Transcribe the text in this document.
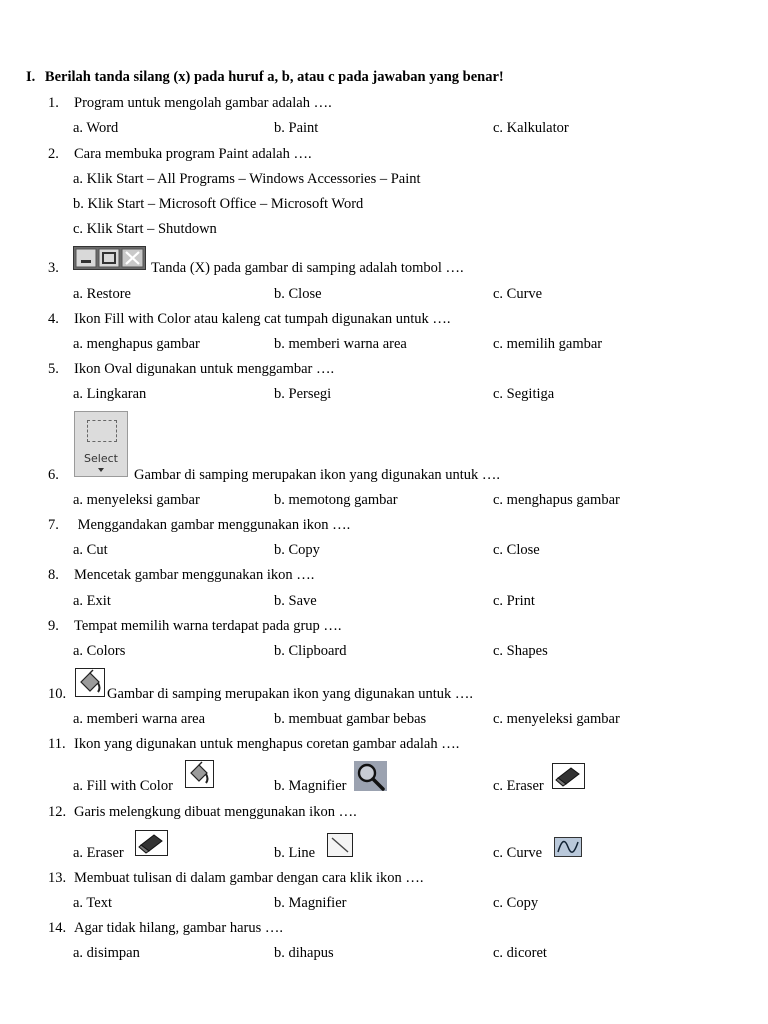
I. Berilah tanda silang (x) pada huruf a, b, atau c pada jawaban yang benar!
1. Program untuk mengolah gambar adalah ….
a. Word	b. Paint	c. Kalkulator
2. Cara membuka program Paint adalah ….
a. Klik Start – All Programs – Windows Accessories – Paint
b. Klik Start – Microsoft Office – Microsoft Word
c. Klik Start – Shutdown
3.	Tanda (X) pada gambar di samping adalah tombol ….
a. Restore	b. Close	c. Curve
4. Ikon Fill with Color atau kaleng cat tumpah digunakan untuk ….
a. menghapus gambar	b. memberi warna area	c. memilih gambar
5. Ikon Oval digunakan untuk menggambar ….
a. Lingkaran	b. Persegi	c. Segitiga
Select
6.	Gambar di samping merupakan ikon yang digunakan untuk ….
a. menyeleksi gambar	b. memotong gambar	c. menghapus gambar
7. Menggandakan gambar menggunakan ikon ….
a. Cut	b. Copy	c. Close
8. Mencetak gambar menggunakan ikon ….
a. Exit	b. Save	c. Print
9. Tempat memilih warna terdapat pada grup ….
a. Colors	b. Clipboard	c. Shapes
10.	Gambar di samping merupakan ikon yang digunakan untuk ….
a. memberi warna area	b. membuat gambar bebas	c. menyeleksi gambar
11. Ikon yang digunakan untuk menghapus coretan gambar adalah ….
a. Fill with Color	b. Magnifier	c. Eraser
12. Garis melengkung dibuat menggunakan ikon ….
a. Eraser	b. Line	c. Curve
13. Membuat tulisan di dalam gambar dengan cara klik ikon ….
a. Text	b. Magnifier	c. Copy
14. Agar tidak hilang, gambar harus ….
a. disimpan	b. dihapus	c. dicoret
